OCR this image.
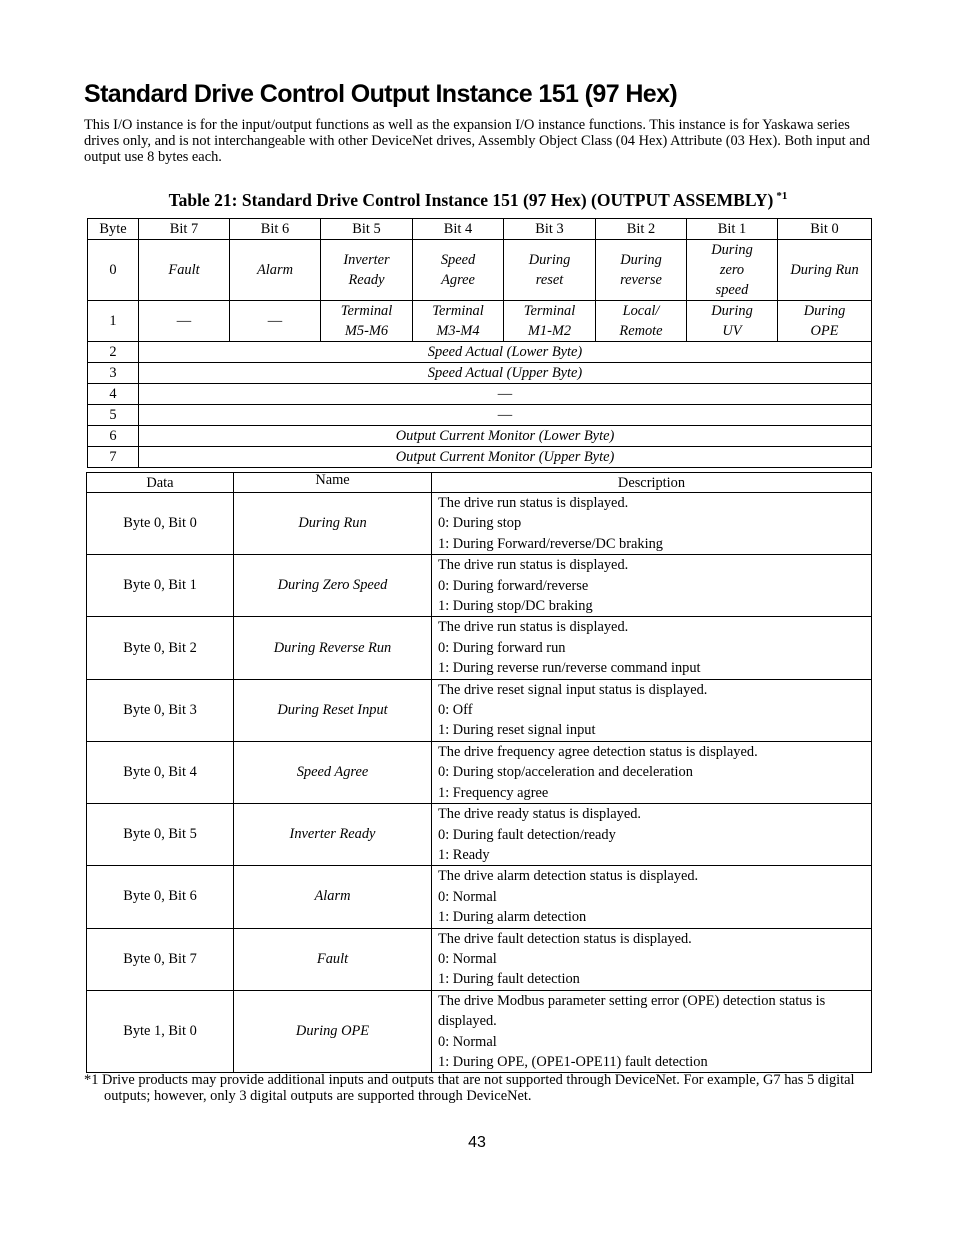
Standard Drive Control Output Instance 151 (97 Hex)

This I/O instance is for the input/output functions as well as the expansion I/O instance functions. This instance is for Yaskawa series drives only, and is not interchangeable with other DeviceNet drives, Assembly Object Class (04 Hex) Attribute (03 Hex). Both input and output use 8 bytes each.

Table 21: Standard Drive Control Instance 151 (97 Hex) (OUTPUT ASSEMBLY) $^{*1}$

Byte	Bit 7	Bit 6	Bit 5	Bit 4	Bit 3	Bit 2	Bit 1	Bit 0
0	Fault	Alarm	Inverter Ready	Speed Agree	During reset	During reverse	During zero speed	During Run
1	—	—	Terminal M5-M6	Terminal M3-M4	Terminal M1-M2	Local/ Remote	During UV	During OPE
2	Speed Actual (Lower Byte)							
3	Speed Actual (Upper Byte)							
4	—							
5	—							
6	Output Current Monitor (Lower Byte)							
7	Output Current Monitor (Upper Byte)							
Data	Name	Description
Byte 0, Bit 0	During Run	The drive run status is displayed.
0: During stop
1: During Forward/reverse/DC braking

Byte 0, Bit 1	During Zero Speed	The drive run status is displayed.
0: During forward/reverse
1: During stop/DC braking

Byte 0, Bit 2	During Reverse Run	The drive run status is displayed.
0: During forward run
1: During reverse run/reverse command input

Byte 0, Bit 3	During Reset Input	The drive reset signal input status is displayed.
0: Off
1: During reset signal input

Byte 0, Bit 4	Speed Agree	The drive frequency agree detection status is displayed.
0: During stop/acceleration and deceleration
1: Frequency agree

Byte 0, Bit 5	Inverter Ready	The drive ready status is displayed.
0: During fault detection/ready
1: Ready

Byte 0, Bit 6	Alarm	The drive alarm detection status is displayed.
0: Normal
1: During alarm detection

Byte 0, Bit 7	Fault	The drive fault detection status is displayed.
0: Normal
1: During fault detection

Byte 1, Bit 0	During OPE	The drive Modbus parameter setting error (OPE) detection status is displayed.
0: Normal
1: During OPE, (OPE1-OPE11) fault detection

*1 Drive products may provide additional inputs and outputs that are not supported through DeviceNet. For example, G7 has 5 digital outputs; however, only 3 digital outputs are supported through DeviceNet.

43
